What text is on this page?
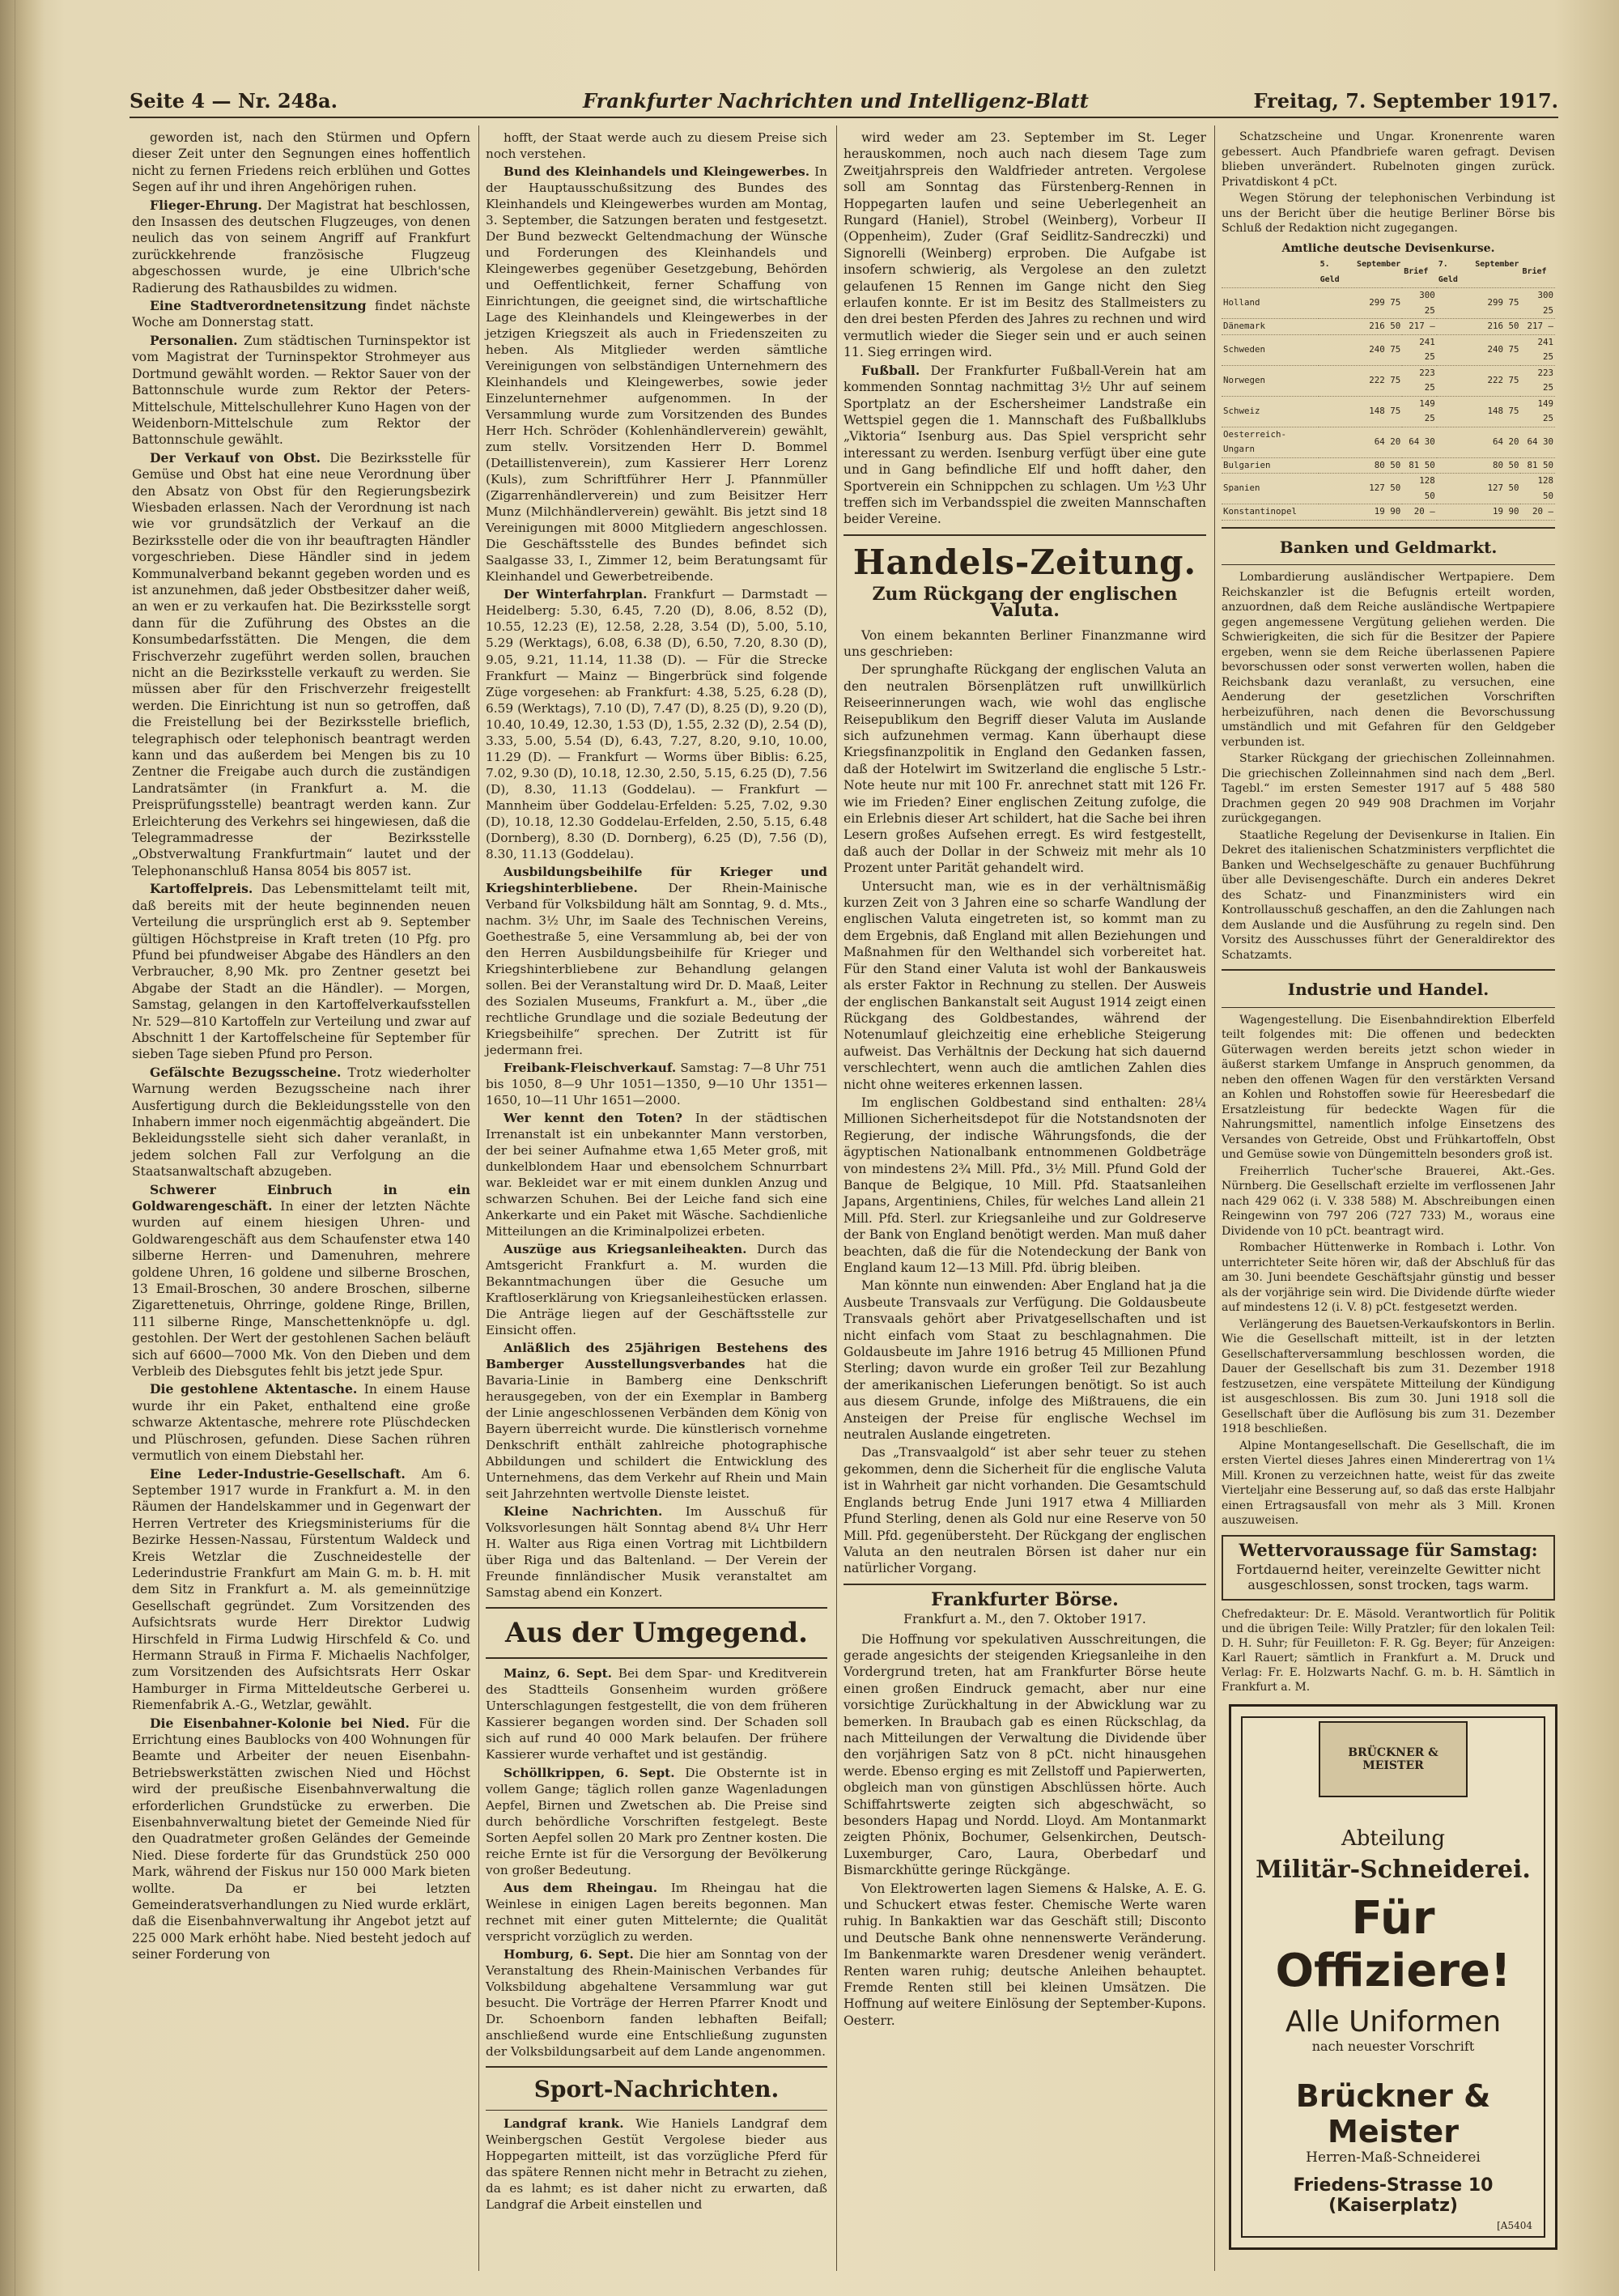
Seite 4 — Nr. 248a.	Frankfurter Nachrichten und Intelligenz-Blatt	Freitag, 7. September 1917.

geworden ist, nach den Stürmen und Opfern dieser Zeit unter den Segnungen eines hoffentlich nicht zu fernen Friedens reich erblühen und Gottes Segen auf ihr und ihren Angehörigen ruhen.

Flieger-Ehrung. Der Magistrat hat beschlossen, den Insassen des deutschen Flugzeuges, von denen neulich das von seinem Angriff auf Frankfurt zurückkehrende französische Flugzeug abgeschossen wurde, je eine Ulbrich'sche Radierung des Rathausbildes zu widmen.

Eine Stadtverordnetensitzung findet nächste Woche am Donnerstag statt.

Personalien. Zum städtischen Turninspektor ist vom Magistrat der Turninspektor Strohmeyer aus Dortmund gewählt worden. — Rektor Sauer von der Battonnschule wurde zum Rektor der Peters-Mittelschule, Mittelschullehrer Kuno Hagen von der Weidenborn-Mittelschule zum Rektor der Battonnschule gewählt.

Der Verkauf von Obst. Die Bezirksstelle für Gemüse und Obst hat eine neue Verordnung über den Absatz von Obst für den Regierungsbezirk Wiesbaden erlassen. Nach der Verordnung ist nach wie vor grundsätzlich der Verkauf an die Bezirksstelle oder die von ihr beauftragten Händler vorgeschrieben. Diese Händler sind in jedem Kommunalverband bekannt gegeben worden und es ist anzunehmen, daß jeder Obstbesitzer daher weiß, an wen er zu verkaufen hat. Die Bezirksstelle sorgt dann für die Zuführung des Obstes an die Konsumbedarfsstätten. Die Mengen, die dem Frischverzehr zugeführt werden sollen, brauchen nicht an die Bezirksstelle verkauft zu werden. Sie müssen aber für den Frischverzehr freigestellt werden. Die Einrichtung ist nun so getroffen, daß die Freistellung bei der Bezirksstelle brieflich, telegraphisch oder telephonisch beantragt werden kann und das außerdem bei Mengen bis zu 10 Zentner die Freigabe auch durch die zuständigen Landratsämter (in Frankfurt a. M. die Preisprüfungsstelle) beantragt werden kann. Zur Erleichterung des Verkehrs sei hingewiesen, daß die Telegrammadresse der Bezirksstelle „Obstverwaltung Frankfurtmain“ lautet und der Telephonanschluß Hansa 8054 bis 8057 ist.

Kartoffelpreis. Das Lebensmittelamt teilt mit, daß bereits mit der heute beginnenden neuen Verteilung die ursprünglich erst ab 9. September gültigen Höchstpreise in Kraft treten (10 Pfg. pro Pfund bei pfundweiser Abgabe des Händlers an den Verbraucher, 8,90 Mk. pro Zentner gesetzt bei Abgabe der Stadt an die Händler). — Morgen, Samstag, gelangen in den Kartoffelverkaufsstellen Nr. 529—810 Kartoffeln zur Verteilung und zwar auf Abschnitt 1 der Kartoffelscheine für September für sieben Tage sieben Pfund pro Person.

Gefälschte Bezugsscheine. Trotz wiederholter Warnung werden Bezugsscheine nach ihrer Ausfertigung durch die Bekleidungsstelle von den Inhabern immer noch eigenmächtig abgeändert. Die Bekleidungsstelle sieht sich daher veranlaßt, in jedem solchen Fall zur Verfolgung an die Staatsanwaltschaft abzugeben.

Schwerer Einbruch in ein Goldwarengeschäft. In einer der letzten Nächte wurden auf einem hiesigen Uhren- und Goldwarengeschäft aus dem Schaufenster etwa 140 silberne Herren- und Damenuhren, mehrere goldene Uhren, 16 goldene und silberne Broschen, 13 Email-Broschen, 30 andere Broschen, silberne Zigarettenetuis, Ohrringe, goldene Ringe, Brillen, 111 silberne Ringe, Manschettenknöpfe u. dgl. gestohlen. Der Wert der gestohlenen Sachen beläuft sich auf 6600—7000 Mk. Von den Dieben und dem Verbleib des Diebsgutes fehlt bis jetzt jede Spur.

Die gestohlene Aktentasche. In einem Hause wurde ihr ein Paket, enthaltend eine große schwarze Aktentasche, mehrere rote Plüschdecken und Plüschrosen, gefunden. Diese Sachen rühren vermutlich von einem Diebstahl her.

Eine Leder-Industrie-Gesellschaft. Am 6. September 1917 wurde in Frankfurt a. M. in den Räumen der Handelskammer und in Gegenwart der Herren Vertreter des Kriegsministeriums für die Bezirke Hessen-Nassau, Fürstentum Waldeck und Kreis Wetzlar die Zuschneidestelle der Lederindustrie Frankfurt am Main G. m. b. H. mit dem Sitz in Frankfurt a. M. als gemeinnützige Gesellschaft gegründet. Zum Vorsitzenden des Aufsichtsrats wurde Herr Direktor Ludwig Hirschfeld in Firma Ludwig Hirschfeld & Co. und Hermann Strauß in Firma F. Michaelis Nachfolger, zum Vorsitzenden des Aufsichtsrats Herr Oskar Hamburger in Firma Mitteldeutsche Gerberei u. Riemenfabrik A.-G., Wetzlar, gewählt.

Die Eisenbahner-Kolonie bei Nied. Für die Errichtung eines Baublocks von 400 Wohnungen für Beamte und Arbeiter der neuen Eisenbahn-Betriebswerkstätten zwischen Nied und Höchst wird der preußische Eisenbahnverwaltung die erforderlichen Grundstücke zu erwerben. Die Eisenbahnverwaltung bietet der Gemeinde Nied für den Quadratmeter großen Geländes der Gemeinde Nied. Diese forderte für das Grundstück 250 000 Mark, während der Fiskus nur 150 000 Mark bieten wollte. Da er bei letzten Gemeinderatsverhandlungen zu Nied wurde erklärt, daß die Eisenbahnverwaltung ihr Angebot jetzt auf 225 000 Mark erhöht habe. Nied besteht jedoch auf seiner Forderung von

hofft, der Staat werde auch zu diesem Preise sich noch verstehen.

Bund des Kleinhandels und Kleingewerbes. In der Hauptausschußsitzung des Bundes des Kleinhandels und Kleingewerbes wurden am Montag, 3. September, die Satzungen beraten und festgesetzt. Der Bund bezweckt Geltendmachung der Wünsche und Forderungen des Kleinhandels und Kleingewerbes gegenüber Gesetzgebung, Behörden und Oeffentlichkeit, ferner Schaffung von Einrichtungen, die geeignet sind, die wirtschaftliche Lage des Kleinhandels und Kleingewerbes in der jetzigen Kriegszeit als auch in Friedenszeiten zu heben. Als Mitglieder werden sämtliche Vereinigungen von selbständigen Unternehmern des Kleinhandels und Kleingewerbes, sowie jeder Einzelunternehmer aufgenommen. In der Versammlung wurde zum Vorsitzenden des Bundes Herr Hch. Schröder (Kohlenhändlerverein) gewählt, zum stellv. Vorsitzenden Herr D. Bommel (Detaillistenverein), zum Kassierer Herr Lorenz (Kuls), zum Schriftführer Herr J. Pfannmüller (Zigarrenhändlerverein) und zum Beisitzer Herr Munz (Milchhändlerverein) gewählt. Bis jetzt sind 18 Vereinigungen mit 8000 Mitgliedern angeschlossen. Die Geschäftsstelle des Bundes befindet sich Saalgasse 33, I., Zimmer 12, beim Beratungsamt für Kleinhandel und Gewerbetreibende.

Der Winterfahrplan. Frankfurt — Darmstadt — Heidelberg: 5.30, 6.45, 7.20 (D), 8.06, 8.52 (D), 10.55, 12.23 (E), 12.58, 2.28, 3.54 (D), 5.00, 5.10, 5.29 (Werktags), 6.08, 6.38 (D), 6.50, 7.20, 8.30 (D), 9.05, 9.21, 11.14, 11.38 (D). — Für die Strecke Frankfurt — Mainz — Bingerbrück sind folgende Züge vorgesehen: ab Frankfurt: 4.38, 5.25, 6.28 (D), 6.59 (Werktags), 7.10 (D), 7.47 (D), 8.25 (D), 9.20 (D), 10.40, 10.49, 12.30, 1.53 (D), 1.55, 2.32 (D), 2.54 (D), 3.33, 5.00, 5.54 (D), 6.43, 7.27, 8.20, 9.10, 10.00, 11.29 (D). — Frankfurt — Worms über Biblis: 6.25, 7.02, 9.30 (D), 10.18, 12.30, 2.50, 5.15, 6.25 (D), 7.56 (D), 8.30, 11.13 (Goddelau). — Frankfurt — Mannheim über Goddelau-Erfelden: 5.25, 7.02, 9.30 (D), 10.18, 12.30 Goddelau-Erfelden, 2.50, 5.15, 6.48 (Dornberg), 8.30 (D. Dornberg), 6.25 (D), 7.56 (D), 8.30, 11.13 (Goddelau).

Ausbildungsbeihilfe für Krieger und Kriegshinterbliebene. Der Rhein-Mainische Verband für Volksbildung hält am Sonntag, 9. d. Mts., nachm. 3½ Uhr, im Saale des Technischen Vereins, Goethestraße 5, eine Versammlung ab, bei der von den Herren Ausbildungsbeihilfe für Krieger und Kriegshinterbliebene zur Behandlung gelangen sollen. Bei der Veranstaltung wird Dr. D. Maaß, Leiter des Sozialen Museums, Frankfurt a. M., über „die rechtliche Grundlage und die soziale Bedeutung der Kriegsbeihilfe“ sprechen. Der Zutritt ist für jedermann frei.

Freibank-Fleischverkauf. Samstag: 7—8 Uhr 751 bis 1050, 8—9 Uhr 1051—1350, 9—10 Uhr 1351—1650, 10—11 Uhr 1651—2000.

Wer kennt den Toten? In der städtischen Irrenanstalt ist ein unbekannter Mann verstorben, der bei seiner Aufnahme etwa 1,65 Meter groß, mit dunkelblondem Haar und ebensolchem Schnurrbart war. Bekleidet war er mit einem dunklen Anzug und schwarzen Schuhen. Bei der Leiche fand sich eine Ankerkarte und ein Paket mit Wäsche. Sachdienliche Mitteilungen an die Kriminalpolizei erbeten.

Auszüge aus Kriegsanleiheakten. Durch das Amtsgericht Frankfurt a. M. wurden die Bekanntmachungen über die Gesuche um Kraftloserklärung von Kriegsanleihestücken erlassen. Die Anträge liegen auf der Geschäftsstelle zur Einsicht offen.

Anläßlich des 25jährigen Bestehens des Bamberger Ausstellungsverbandes hat die Bavaria-Linie in Bamberg eine Denkschrift herausgegeben, von der ein Exemplar in Bamberg der Linie angeschlossenen Verbänden dem König von Bayern überreicht wurde. Die künstlerisch vornehme Denkschrift enthält zahlreiche photographische Abbildungen und schildert die Entwicklung des Unternehmens, das dem Verkehr auf Rhein und Main seit Jahrzehnten wertvolle Dienste leistet.

Kleine Nachrichten. Im Ausschuß für Volksvorlesungen hält Sonntag abend 8¼ Uhr Herr H. Walter aus Riga einen Vortrag mit Lichtbildern über Riga und das Baltenland. — Der Verein der Freunde finnländischer Musik veranstaltet am Samstag abend ein Konzert.

Aus der Umgegend.

Mainz, 6. Sept. Bei dem Spar- und Kreditverein des Stadtteils Gonsenheim wurden größere Unterschlagungen festgestellt, die von dem früheren Kassierer begangen worden sind. Der Schaden soll sich auf rund 40 000 Mark belaufen. Der frühere Kassierer wurde verhaftet und ist geständig.

Schöllkrippen, 6. Sept. Die Obsternte ist in vollem Gange; täglich rollen ganze Wagenladungen Aepfel, Birnen und Zwetschen ab. Die Preise sind durch behördliche Vorschriften festgelegt. Beste Sorten Aepfel sollen 20 Mark pro Zentner kosten. Die reiche Ernte ist für die Versorgung der Bevölkerung von großer Bedeutung.

Aus dem Rheingau. Im Rheingau hat die Weinlese in einigen Lagen bereits begonnen. Man rechnet mit einer guten Mittelernte; die Qualität verspricht vorzüglich zu werden.

Homburg, 6. Sept. Die hier am Sonntag von der Veranstaltung des Rhein-Mainischen Verbandes für Volksbildung abgehaltene Versammlung war gut besucht. Die Vorträge der Herren Pfarrer Knodt und Dr. Schoenborn fanden lebhaften Beifall; anschließend wurde eine Entschließung zugunsten der Volksbildungsarbeit auf dem Lande angenommen.

Sport-Nachrichten.

Landgraf krank. Wie Haniels Landgraf dem Weinbergschen Gestüt Vergolese bieder aus Hoppegarten mitteilt, ist das vorzügliche Pferd für das spätere Rennen nicht mehr in Betracht zu ziehen, da es lahmt; es ist daher nicht zu erwarten, daß Landgraf die Arbeit einstellen und

wird weder am 23. September im St. Leger herauskommen, noch auch nach diesem Tage zum Zweitjahrspreis den Waldfrieder antreten. Vergolese soll am Sonntag das Fürstenberg-Rennen in Hoppegarten laufen und seine Ueberlegenheit an Rungard (Haniel), Strobel (Weinberg), Vorbeur II (Oppenheim), Zuder (Graf Seidlitz-Sandreczki) und Signorelli (Weinberg) erproben. Die Aufgabe ist insofern schwierig, als Vergolese an den zuletzt gelaufenen 15 Rennen im Gange nicht den Sieg erlaufen konnte. Er ist im Besitz des Stallmeisters zu den drei besten Pferden des Jahres zu rechnen und wird vermutlich wieder die Sieger sein und er auch seinen 11. Sieg erringen wird.

Fußball. Der Frankfurter Fußball-Verein hat am kommenden Sonntag nachmittag 3½ Uhr auf seinem Sportplatz an der Eschersheimer Landstraße ein Wettspiel gegen die 1. Mannschaft des Fußballklubs „Viktoria“ Isenburg aus. Das Spiel verspricht sehr interessant zu werden. Isenburg verfügt über eine gute und in Gang befindliche Elf und hofft daher, den Sportverein ein Schnippchen zu schlagen. Um ½3 Uhr treffen sich im Verbandsspiel die zweiten Mannschaften beider Vereine.

Handels-Zeitung.
Zum Rückgang der englischen Valuta.

Von einem bekannten Berliner Finanzmanne wird uns geschrieben:

Der sprunghafte Rückgang der englischen Valuta an den neutralen Börsenplätzen ruft unwillkürlich Reiseerinnerungen wach, wie wohl das englische Reisepublikum den Begriff dieser Valuta im Auslande sich aufzunehmen vermag. Kann überhaupt diese Kriegsfinanzpolitik in England den Gedanken fassen, daß der Hotelwirt im Switzerland die englische 5 Lstr.-Note heute nur mit 100 Fr. anrechnet statt mit 126 Fr. wie im Frieden? Einer englischen Zeitung zufolge, die ein Erlebnis dieser Art schildert, hat die Sache bei ihren Lesern großes Aufsehen erregt. Es wird festgestellt, daß auch der Dollar in der Schweiz mit mehr als 10 Prozent unter Parität gehandelt wird.

Untersucht man, wie es in der verhältnismäßig kurzen Zeit von 3 Jahren eine so scharfe Wandlung der englischen Valuta eingetreten ist, so kommt man zu dem Ergebnis, daß England mit allen Beziehungen und Maßnahmen für den Welthandel sich vorbereitet hat. Für den Stand einer Valuta ist wohl der Bankausweis als erster Faktor in Rechnung zu stellen. Der Ausweis der englischen Bankanstalt seit August 1914 zeigt einen Rückgang des Goldbestandes, während der Notenumlauf gleichzeitig eine erhebliche Steigerung aufweist. Das Verhältnis der Deckung hat sich dauernd verschlechtert, wenn auch die amtlichen Zahlen dies nicht ohne weiteres erkennen lassen.

Im englischen Goldbestand sind enthalten: 28¼ Millionen Sicherheitsdepot für die Notstandsnoten der Regierung, der indische Währungsfonds, die der ägyptischen Nationalbank entnommenen Goldbeträge von mindestens 2¾ Mill. Pfd., 3½ Mill. Pfund Gold der Banque de Belgique, 10 Mill. Pfd. Staatsanleihen Japans, Argentiniens, Chiles, für welches Land allein 21 Mill. Pfd. Sterl. zur Kriegsanleihe und zur Goldreserve der Bank von England benötigt werden. Man muß daher beachten, daß die für die Notendeckung der Bank von England kaum 12—13 Mill. Pfd. übrig bleiben.

Man könnte nun einwenden: Aber England hat ja die Ausbeute Transvaals zur Verfügung. Die Goldausbeute Transvaals gehört aber Privatgesellschaften und ist nicht einfach vom Staat zu beschlagnahmen. Die Goldausbeute im Jahre 1916 betrug 45 Millionen Pfund Sterling; davon wurde ein großer Teil zur Bezahlung der amerikanischen Lieferungen benötigt. So ist auch aus diesem Grunde, infolge des Mißtrauens, die ein Ansteigen der Preise für englische Wechsel im neutralen Auslande eingetreten.

Das „Transvaalgold“ ist aber sehr teuer zu stehen gekommen, denn die Sicherheit für die englische Valuta ist in Wahrheit gar nicht vorhanden. Die Gesamtschuld Englands betrug Ende Juni 1917 etwa 4 Milliarden Pfund Sterling, denen als Gold nur eine Reserve von 50 Mill. Pfd. gegenübersteht. Der Rückgang der englischen Valuta an den neutralen Börsen ist daher nur ein natürlicher Vorgang.

Frankfurter Börse.
Frankfurt a. M., den 7. Oktober 1917.

Die Hoffnung vor spekulativen Ausschreitungen, die gerade angesichts der steigenden Kriegsanleihe in den Vordergrund treten, hat am Frankfurter Börse heute einen großen Eindruck gemacht, aber nur eine vorsichtige Zurückhaltung in der Abwicklung war zu bemerken. In Braubach gab es einen Rückschlag, da nach Mitteilungen der Verwaltung die Dividende über den vorjährigen Satz von 8 pCt. nicht hinausgehen werde. Ebenso erging es mit Zellstoff und Papierwerten, obgleich man von günstigen Abschlüssen hörte. Auch Schiffahrtswerte zeigten sich abgeschwächt, so besonders Hapag und Nordd. Lloyd. Am Montanmarkt zeigten Phönix, Bochumer, Gelsenkirchen, Deutsch-Luxemburger, Caro, Laura, Oberbedarf und Bismarckhütte geringe Rückgänge.

Von Elektrowerten lagen Siemens & Halske, A. E. G. und Schuckert etwas fester. Chemische Werte waren ruhig. In Bankaktien war das Geschäft still; Disconto und Deutsche Bank ohne nennenswerte Veränderung. Im Bankenmarkte waren Dresdener wenig verändert. Renten waren ruhig; deutsche Anleihen behauptet. Fremde Renten still bei kleinen Umsätzen. Die Hoffnung auf weitere Einlösung der September-Kupons. Oesterr.

Schatzscheine und Ungar. Kronenrente waren gebessert. Auch Pfandbriefe waren gefragt. Devisen blieben unverändert. Rubelnoten gingen zurück. Privatdiskont 4 pCt.

Wegen Störung der telephonischen Verbindung ist uns der Bericht über die heutige Berliner Börse bis Schluß der Redaktion nicht zugegangen.

Amtliche deutsche Devisenkurse.
	5. September Geld	Brief	7. September Geld	Brief
Holland	299 75	300 25	299 75	300 25
Dänemark	216 50	217 —	216 50	217 —
Schweden	240 75	241 25	240 75	241 25
Norwegen	222 75	223 25	222 75	223 25
Schweiz	148 75	149 25	148 75	149 25
Oesterreich-Ungarn	64 20	64 30	64 20	64 30
Bulgarien	80 50	81 50	80 50	81 50
Spanien	127 50	128 50	127 50	128 50
Konstantinopel	19 90	20 —	19 90	20 —
Banken und Geldmarkt.

Lombardierung ausländischer Wertpapiere. Dem Reichskanzler ist die Befugnis erteilt worden, anzuordnen, daß dem Reiche ausländische Wertpapiere gegen angemessene Vergütung geliehen werden. Die Schwierigkeiten, die sich für die Besitzer der Papiere ergeben, wenn sie dem Reiche überlassenen Papiere bevorschussen oder sonst verwerten wollen, haben die Reichsbank dazu veranlaßt, zu versuchen, eine Aenderung der gesetzlichen Vorschriften herbeizuführen, nach denen die Bevorschussung umständlich und mit Gefahren für den Geldgeber verbunden ist.

Starker Rückgang der griechischen Zolleinnahmen. Die griechischen Zolleinnahmen sind nach dem „Berl. Tagebl.“ im ersten Semester 1917 auf 5 488 580 Drachmen gegen 20 949 908 Drachmen im Vorjahr zurückgegangen.

Staatliche Regelung der Devisenkurse in Italien. Ein Dekret des italienischen Schatzministers verpflichtet die Banken und Wechselgeschäfte zu genauer Buchführung über alle Devisengeschäfte. Durch ein anderes Dekret des Schatz- und Finanzministers wird ein Kontrollausschuß geschaffen, an den die Zahlungen nach dem Auslande und die Ausführung zu regeln sind. Den Vorsitz des Ausschusses führt der Generaldirektor des Schatzamts.

Industrie und Handel.

Wagengestellung. Die Eisenbahndirektion Elberfeld teilt folgendes mit: Die offenen und bedeckten Güterwagen werden bereits jetzt schon wieder in äußerst starkem Umfange in Anspruch genommen, da neben den offenen Wagen für den verstärkten Versand an Kohlen und Rohstoffen sowie für Heeresbedarf die Ersatzleistung für bedeckte Wagen für die Nahrungsmittel, namentlich infolge Einsetzens des Versandes von Getreide, Obst und Frühkartoffeln, Obst und Gemüse sowie von Düngemitteln besonders groß ist.

Freiherrlich Tucher'sche Brauerei, Akt.-Ges. Nürnberg. Die Gesellschaft erzielte im verflossenen Jahr nach 429 062 (i. V. 338 588) M. Abschreibungen einen Reingewinn von 797 206 (727 733) M., woraus eine Dividende von 10 pCt. beantragt wird.

Rombacher Hüttenwerke in Rombach i. Lothr. Von unterrichteter Seite hören wir, daß der Abschluß für das am 30. Juni beendete Geschäftsjahr günstig und besser als der vorjährige sein wird. Die Dividende dürfte wieder auf mindestens 12 (i. V. 8) pCt. festgesetzt werden.

Verlängerung des Bauetsen-Verkaufskontors in Berlin. Wie die Gesellschaft mitteilt, ist in der letzten Gesellschafterversammlung beschlossen worden, die Dauer der Gesellschaft bis zum 31. Dezember 1918 festzusetzen, eine verspätete Mitteilung der Kündigung ist ausgeschlossen. Bis zum 30. Juni 1918 soll die Gesellschaft über die Auflösung bis zum 31. Dezember 1918 beschließen.

Alpine Montangesellschaft. Die Gesellschaft, die im ersten Viertel dieses Jahres einen Minderertrag von 1¼ Mill. Kronen zu verzeichnen hatte, weist für das zweite Vierteljahr eine Besserung auf, so daß das erste Halbjahr einen Ertragsausfall von mehr als 3 Mill. Kronen auszuweisen.

Wettervoraussage für Samstag:
Fortdauernd heiter, vereinzelte Gewitter nicht ausgeschlossen, sonst trocken, tags warm.
Chefredakteur: Dr. E. Mäsold. Verantwortlich für Politik und die übrigen Teile: Willy Pratzler; für den lokalen Teil: D. H. Suhr; für Feuilleton: F. R. Gg. Beyer; für Anzeigen: Karl Rauert; sämtlich in Frankfurt a. M. Druck und Verlag: Fr. E. Holzwarts Nachf. G. m. b. H. Sämtlich in Frankfurt a. M.
BRÜCKNER & MEISTER
Abteilung
Militär-Schneiderei.
Für Offiziere!
Alle Uniformen
nach neuester Vorschrift
Brückner & Meister
Herren-Maß-Schneiderei
Friedens-Strasse 10 (Kaiserplatz)
[A5404
